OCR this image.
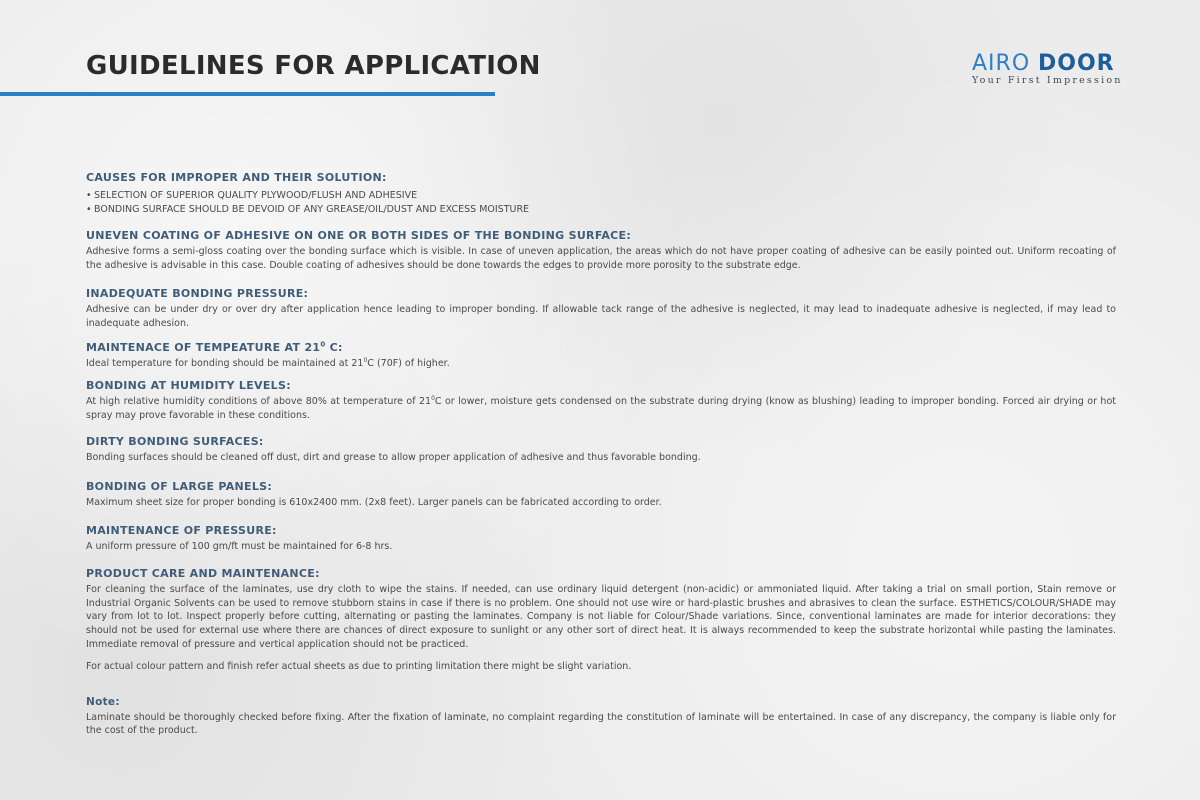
GUIDELINES FOR APPLICATION	AIRO DOOR
Your First Impression
CAUSES FOR IMPROPER AND THEIR SOLUTION:
• SELECTION OF SUPERIOR QUALITY PLYWOOD/FLUSH AND ADHESIVE
• BONDING SURFACE SHOULD BE DEVOID OF ANY GREASE/OIL/DUST AND EXCESS MOISTURE
UNEVEN COATING OF ADHESIVE ON ONE OR BOTH SIDES OF THE BONDING SURFACE:

Adhesive forms a semi-gloss coating over the bonding surface which is visible. In case of uneven application, the areas which do not have proper coating of adhesive can be easily pointed out. Uniform recoating of the adhesive is advisable in this case. Double coating of adhesives should be done towards the edges to provide more porosity to the substrate edge.

INADEQUATE BONDING PRESSURE:

Adhesive can be under dry or over dry after application hence leading to improper bonding. If allowable tack range of the adhesive is neglected, it may lead to inadequate adhesive is neglected, if may lead to inadequate adhesion.

MAINTENACE OF TEMPEATURE AT $21^0$ C:

Ideal temperature for bonding should be maintained at $21^0C$ (70F) of higher.

BONDING AT HUMIDITY LEVELS:

At high relative humidity conditions of above 80% at temperature of $21^0C$ or lower, moisture gets condensed on the substrate during drying (know as blushing) leading to improper bonding. Forced air drying or hot spray may prove favorable in these conditions.

DIRTY BONDING SURFACES:

Bonding surfaces should be cleaned off dust, dirt and grease to allow proper application of adhesive and thus favorable bonding.

BONDING OF LARGE PANELS:

Maximum sheet size for proper bonding is 610x2400 mm. (2x8 feet). Larger panels can be fabricated according to order.

MAINTENANCE OF PRESSURE:

A uniform pressure of 100 gm/ft must be maintained for 6-8 hrs.

PRODUCT CARE AND MAINTENANCE:

For cleaning the surface of the laminates, use dry cloth to wipe the stains. If needed, can use ordinary liquid detergent (non-acidic) or ammoniated liquid. After taking a trial on small portion, Stain remove or Industrial Organic Solvents can be used to remove stubborn stains in case if there is no problem. One should not use wire or hard-plastic brushes and abrasives to clean the surface. ESTHETICS/COLOUR/SHADE may vary from lot to lot. Inspect properly before cutting, alternating or pasting the laminates. Company is not liable for Colour/Shade variations. Since, conventional laminates are made for interior decorations: they should not be used for external use where there are chances of direct exposure to sunlight or any other sort of direct heat. It is always recommended to keep the substrate horizontal while pasting the laminates. Immediate removal of pressure and vertical application should not be practiced.

For actual colour pattern and finish refer actual sheets as due to printing limitation there might be slight variation.

Note:

Laminate should be thoroughly checked before fixing. After the fixation of laminate, no complaint regarding the constitution of laminate will be entertained. In case of any discrepancy, the company is liable only for the cost of the product.
